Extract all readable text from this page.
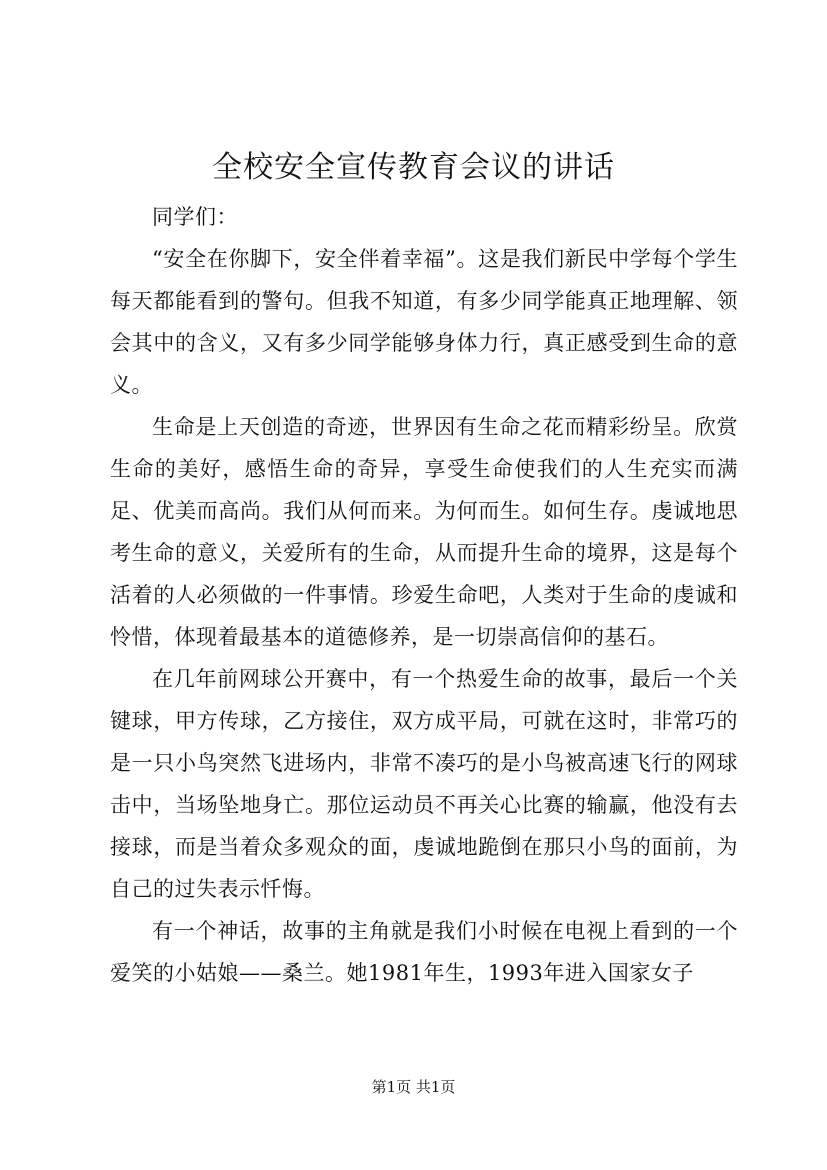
全校安全宣传教育会议的讲话

同学们：

“安全在你脚下，安全伴着幸福”。这是我们新民中学每个学生每天都能看到的警句。但我不知道，有多少同学能真正地理解、领会其中的含义，又有多少同学能够身体力行，真正感受到生命的意义。

生命是上天创造的奇迹，世界因有生命之花而精彩纷呈。欣赏生命的美好，感悟生命的奇异，享受生命使我们的人生充实而满足、优美而高尚。我们从何而来。为何而生。如何生存。虔诚地思考生命的意义，关爱所有的生命，从而提升生命的境界，这是每个活着的人必须做的一件事情。珍爱生命吧，人类对于生命的虔诚和怜惜，体现着最基本的道德修养，是一切崇高信仰的基石。

在几年前网球公开赛中，有一个热爱生命的故事，最后一个关键球，甲方传球，乙方接住，双方成平局，可就在这时，非常巧的是一只小鸟突然飞进场内，非常不凑巧的是小鸟被高速飞行的网球击中，当场坠地身亡。那位运动员不再关心比赛的输赢，他没有去接球，而是当着众多观众的面，虔诚地跪倒在那只小鸟的面前，为自己的过失表示忏悔。

有一个神话，故事的主角就是我们小时候在电视上看到的一个爱笑的小姑娘——桑兰。她1981年生，1993年进入国家女子

第1页 共1页
